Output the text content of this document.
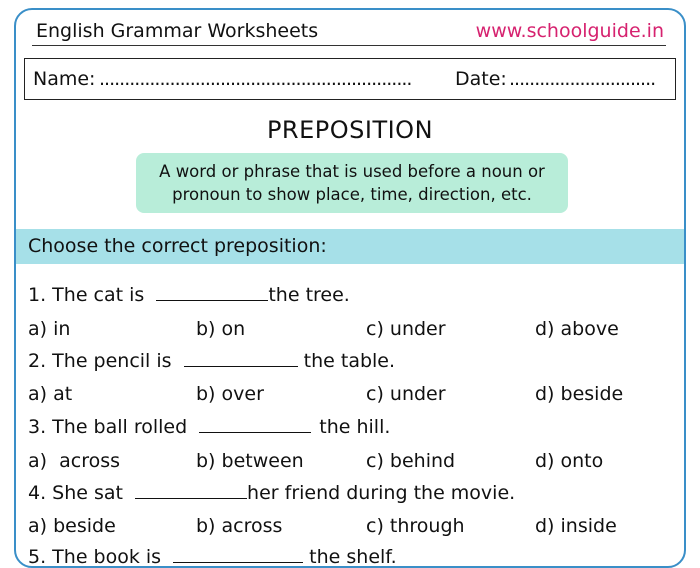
English Grammar Worksheets	www.schoolguide.in
Name: .............................................................. Date: .............................
PREPOSITION
A word or phrase that is used before a noun or
pronoun to show place, time, direction, etc.
Choose the correct preposition:
1. The cat is	the tree.
a) in	b) on	c) under	d) above
2. The pencil is	the table.
a) at	b) over	c) under	d) beside
3. The ball rolled	the hill.
a)  across	b) between	c) behind	d) onto
4. She sat	her friend during the movie.
a) beside	b) across	c) through	d) inside
5. The book is	the shelf.
